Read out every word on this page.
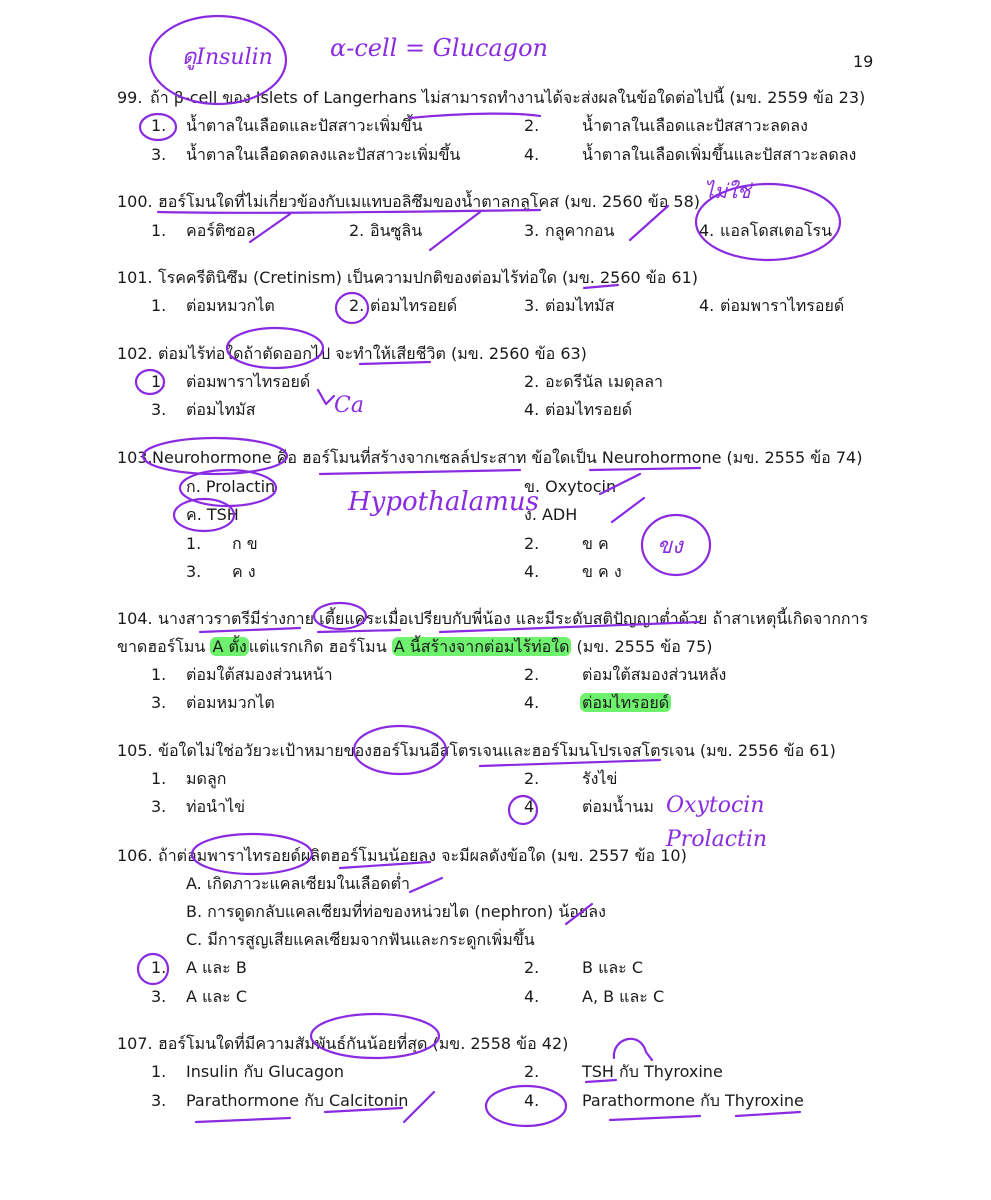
19
99. ถ้า β-cell ของ Islets of Langerhans ไม่สามารถทำงานได้จะส่งผลในข้อใดต่อไปนี้ (มข. 2559 ข้อ 23)
1. น้ำตาลในเลือดและปัสสาวะเพิ่มขึ้น	2.	น้ำตาลในเลือดและปัสสาวะลดลง
3. น้ำตาลในเลือดลดลงและปัสสาวะเพิ่มขึ้น	4.	น้ำตาลในเลือดเพิ่มขึ้นและปัสสาวะลดลง
100. ฮอร์โมนใดที่ไม่เกี่ยวข้องกับเมแทบอลิซึมของน้ำตาลกลูโคส (มข. 2560 ข้อ 58)
1. คอร์ติซอล	2. อินซูลิน	3. กลูคากอน	4. แอลโดสเตอโรน
101. โรคครีตินิซึม (Cretinism) เป็นความปกติของต่อมไร้ท่อใด (มข. 2560 ข้อ 61)
1. ต่อมหมวกไต	2. ต่อมไทรอยด์	3. ต่อมไทมัส	4. ต่อมพาราไทรอยด์
102. ต่อมไร้ท่อใดถ้าตัดออกไป จะทำให้เสียชีวิต (มข. 2560 ข้อ 63)
1. ต่อมพาราไทรอยด์	2. อะดรีนัล เมดุลลา
3. ต่อมไทมัส	4. ต่อมไทรอยด์
103. Neurohormone คือ ฮอร์โมนที่สร้างจากเซลล์ประสาท ข้อใดเป็น Neurohormone (มข. 2555 ข้อ 74)
ก. Prolactin	ข. Oxytocin
ค. TSH	ง. ADH
1. ก ข	2.	ข ค
3. ค ง	4.	ข ค ง
104. นางสาวราตรีมีร่างกาย เตี้ยแคระเมื่อเปรียบกับพี่น้อง และมีระดับสติปัญญาต่ำด้วย ถ้าสาเหตุนี้เกิดจากการ
ขาดฮอร์โมน A ตั้ง แต่แรกเกิด ฮอร์โมน A นี้สร้างจากต่อมไร้ท่อใด (มข. 2555 ข้อ 75)
1. ต่อมใต้สมองส่วนหน้า	2.	ต่อมใต้สมองส่วนหลัง
3. ต่อมหมวกไต	4.	ต่อมไทรอยด์
105. ข้อใดไม่ใช่อวัยวะเป้าหมายของฮอร์โมนอีสโตรเจนและฮอร์โมนโปรเจสโตรเจน (มข. 2556 ข้อ 61)
1. มดลูก	2.	รังไข่
3. ท่อนำไข่	4.	ต่อมน้ำนม
106. ถ้าต่อมพาราไทรอยด์ผลิตฮอร์โมนน้อยลง จะมีผลดังข้อใด (มข. 2557 ข้อ 10)
A. เกิดภาวะแคลเซียมในเลือดต่ำ
B. การดูดกลับแคลเซียมที่ท่อของหน่วยไต (nephron) น้อยลง
C. มีการสูญเสียแคลเซียมจากฟันและกระดูกเพิ่มขึ้น
1. A และ B	2.	B และ C
3. A และ C	4.	A, B และ C
107. ฮอร์โมนใดที่มีความสัมพันธ์กันน้อยที่สุด (มข. 2558 ข้อ 42)
1. Insulin กับ Glucagon	2.	TSH กับ Thyroxine
3. Parathormone กับ Calcitonin	4.	Parathormone กับ Thyroxine
ดูInsulin α-cell = Glucagon
ไม่ใช่
Ca
Hypothalamus
ขง
Oxytocin
Prolactin
